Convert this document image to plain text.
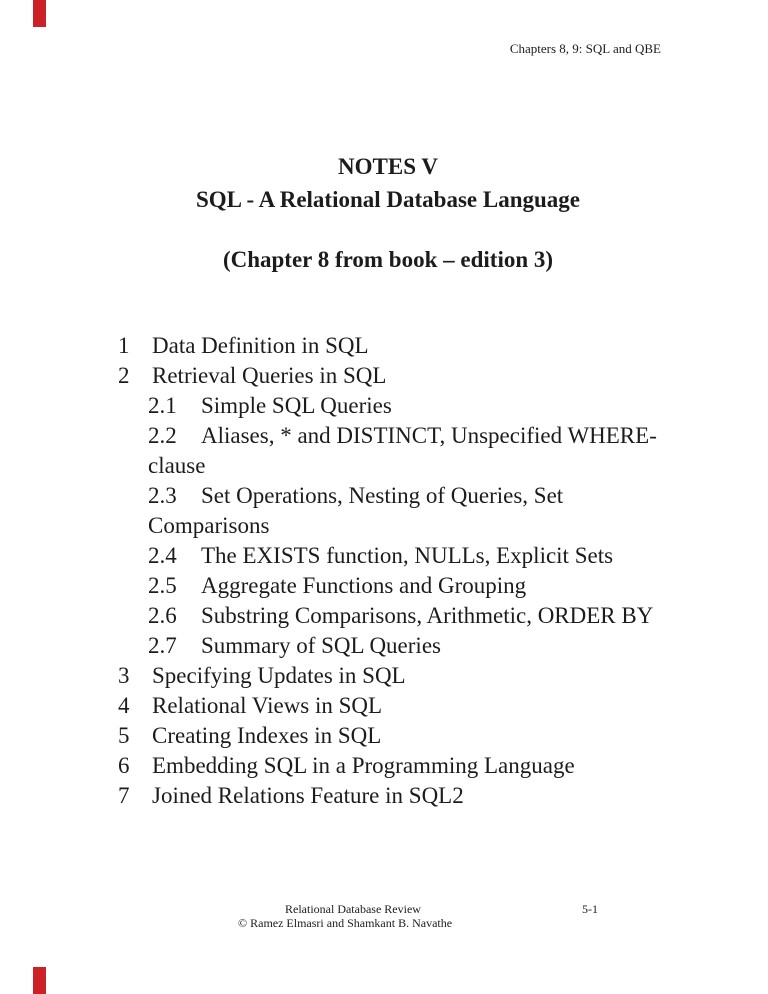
Chapters 8, 9: SQL and QBE
NOTES V
SQL - A Relational Database Language
(Chapter 8 from book – edition 3)
1 Data Definition in SQL
2 Retrieval Queries in SQL
2.1	Simple SQL Queries
2.2	Aliases, * and DISTINCT, Unspecified WHERE-
clause
2.3	Set Operations, Nesting of Queries, Set
Comparisons
2.4	The EXISTS function, NULLs, Explicit Sets
2.5	Aggregate Functions and Grouping
2.6	Substring Comparisons, Arithmetic, ORDER BY
2.7	Summary of SQL Queries
3 Specifying Updates in SQL
4 Relational Views in SQL
5 Creating Indexes in SQL
6 Embedding SQL in a Programming Language
7 Joined Relations Feature in SQL2
Relational Database Review
© Ramez Elmasri and Shamkant B. Navathe
5-1
